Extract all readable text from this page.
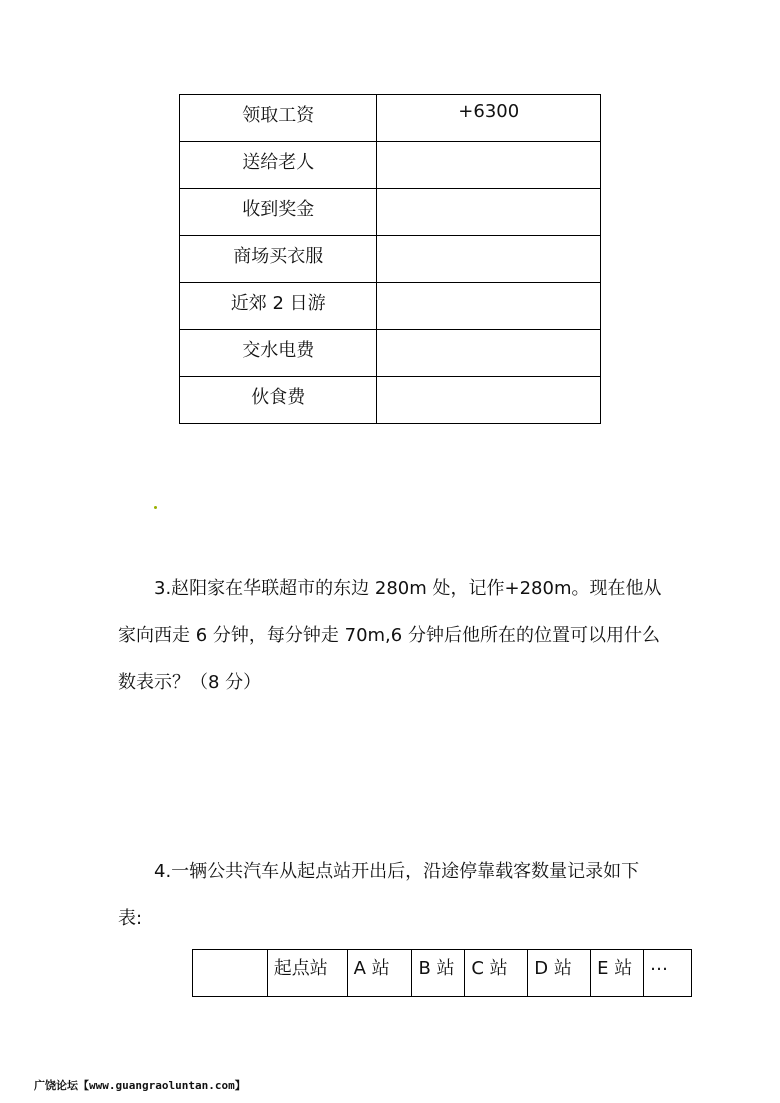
领取工资	+6300
送给老人	
收到奖金	
商场买衣服	
近郊 2 日游	
交水电费	
伙食费	
3.赵阳家在华联超市的东边 280m 处，记作+280m。现在他从
家向西走 6 分钟，每分钟走 70m,6 分钟后他所在的位置可以用什么
数表示？（8 分）
4.一辆公共汽车从起点站开出后，沿途停靠载客数量记录如下
表:
	起点站	A 站	B 站	C 站	D 站	E 站	…
广饶论坛【www.guangraoluntan.com】
